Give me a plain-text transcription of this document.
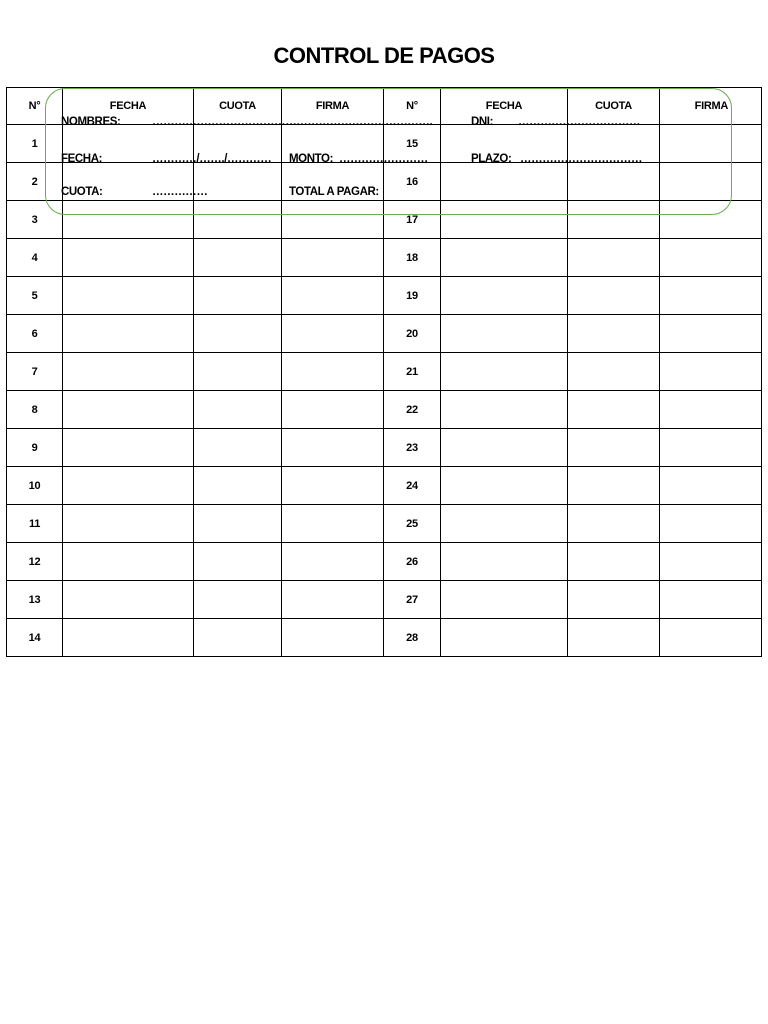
CONTROL DE PAGOS
N°	FECHA	CUOTA	FIRMA	N°	FECHA	CUOTA	FIRMA
1				15			
2				16			
3				17			
4				18			
5				19			
6				20			
7				21			
8				22			
9				23			
10				24			
11				25			
12				26			
13				27			
14				28			
NOMBRES:	………………………………………………………………….	DNI: ……………………………
FECHA:	…………/……./………… MONTO: ……………………	PLAZO: ……………………………
CUOTA:	……………	TOTAL A PAGAR:
